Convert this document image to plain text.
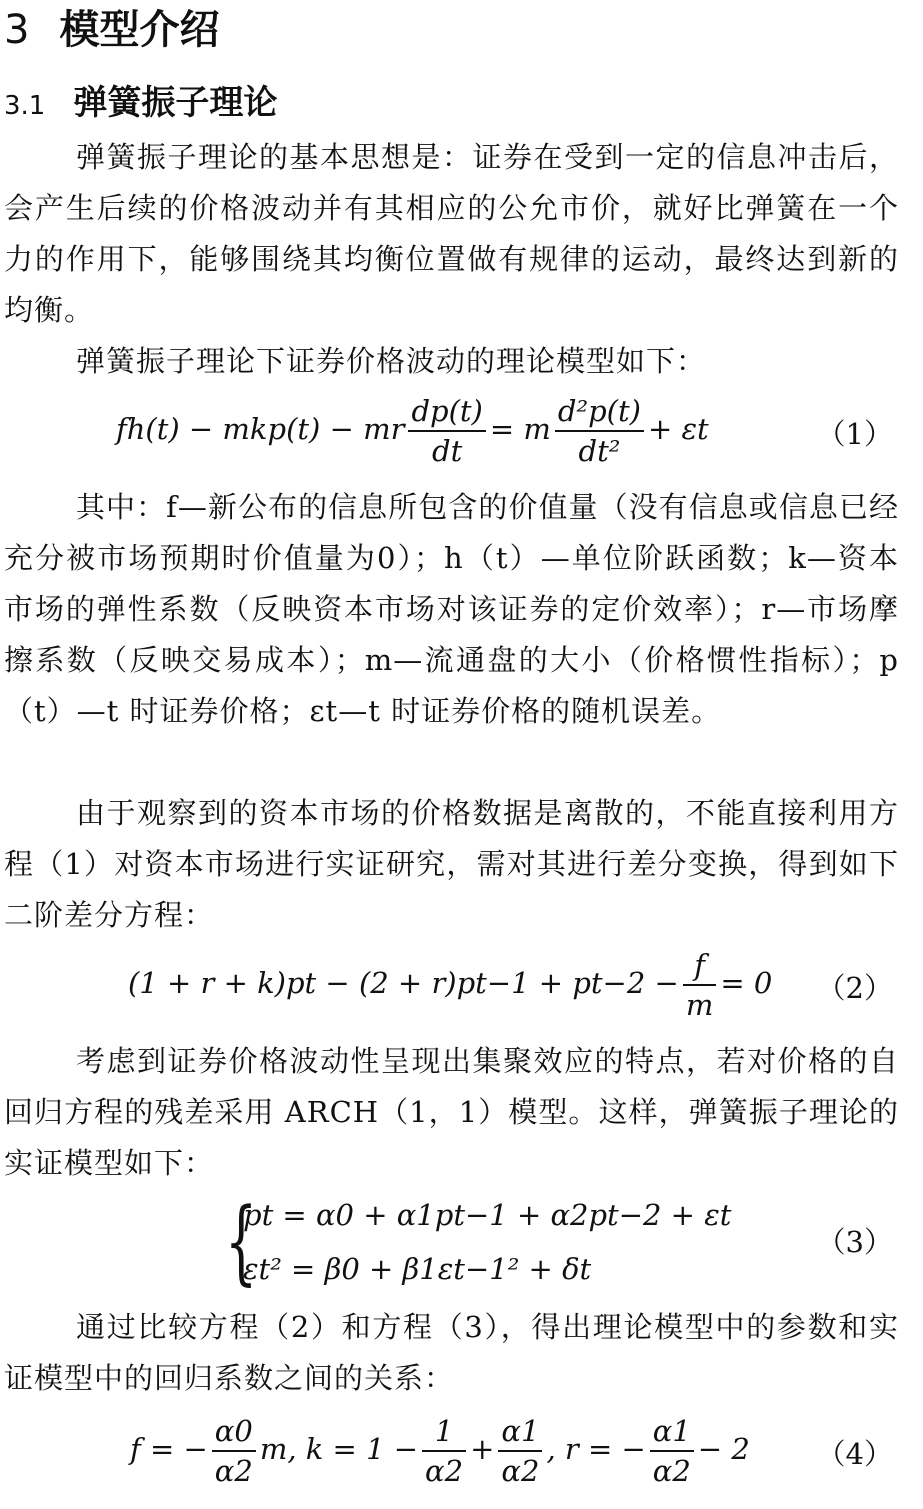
3 模型介绍
3.1 弹簧振子理论
弹簧振子理论的基本思想是：证券在受到一定的信息冲击后，会产生后续的价格波动并有其相应的公允市价，就好比弹簧在一个力的作用下，能够围绕其均衡位置做有规律的运动，最终达到新的均衡。
弹簧振子理论下证券价格波动的理论模型如下：
fh(t) − mkp(t) − mr $\frac{dp(t)}{dt} = m \frac{\text{d²p(t)}}{\text{dt²}} + \varepsilon t$	（1）
其中：f—新公布的信息所包含的价值量（没有信息或信息已经充分被市场预期时价值量为0）；h（t）—单位阶跃函数；k—资本市场的弹性系数（反映资本市场对该证券的定价效率）；r—市场摩擦系数（反映交易成本）；m—流通盘的大小（价格惯性指标）；p（t）—t 时证券价格；εt—t 时证券价格的随机误差。
由于观察到的资本市场的价格数据是离散的，不能直接利用方程（1）对资本市场进行实证研究，需对其进行差分变换，得到如下二阶差分方程：
$(1 + r + k)pt - (2 + r)pt-1 + pt-2 - \frac{f}{m} = 0$ （2）
考虑到证券价格波动性呈现出集聚效应的特点，若对价格的自回归方程的残差采用 ARCH（1，1）模型。这样，弹簧振子理论的实证模型如下：
{
pt = α0 + α1pt−1 + α2pt−2 + εt
εt² = β0 + β1εt−1² + δt
（3）
通过比较方程（2）和方程（3），得出理论模型中的参数和实证模型中的回归系数之间的关系：
f = − $\frac{\alpha 0}{\alpha 2} m$, $k = 1 - \frac{1}{\alpha 2} + \frac{\alpha 1}{\alpha 2}$ , r = − $\frac{\alpha 1}{\alpha 2} - 2$ （4）
